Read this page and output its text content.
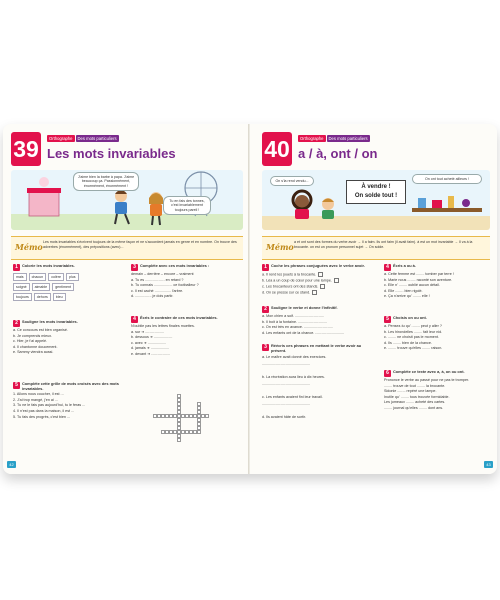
39	Orthographe Des mots particuliers
Les mots invariables
J'aime bien la barbe à papa. J'aime beaucoup ça. Passionnément, énormément, énormément !
Tu en fais des tonnes, c'est invariablement toujours pareil !
Mémo Les mots invariables s'écrivent toujours de la même façon et ne s'accordent jamais en genre et en nombre. On trouve des adverbes (énormément), des prépositions (avec)...
1	Colorie les mots invariables.
mais	chacun	colère	plus
soigné	aimable	gentiment
toujours	dehors	bleu
2	Souligne les mots invariables.
a. Ce concours est bien organisé.
b. Je comprends mieux.
c. Hier, je t'ai appelé.
d. Il chantonne doucement.
e. Sammy viendra aussi.
3	Complète avec ces mots invariables :
demain – derrière – encore – vraiment
a. Tu es ................... en retard ?
b. Tu connais .................. ce footballeur ?
c. Il est caché ................ l'arbre.
d. ................ je dois partir.
4	Écris le contraire de ces mots invariables.
N'oublie pas les lettres finales muettes.
a. sur ➜ ..................
b. dessous ➜ ..................
c. avec ➜ ..................
d. jamais ➜ ..................
e. devant ➜ ..................
5	Complète cette grille de mots croisés avec des mots invariables.
1. Allons nous coucher, il est ...
2. J'ai trop mangé, j'en ai ...
3. Tu ne le fais pas aujourd'hui, tu le feras ...
4. Il n'est pas dans la maison, il est ...
5. Tu fais des progrès, c'est bien ...
42
40	Orthographe Des mots particuliers
a / à, ont / on
On s'la rend vendu...	On ont tout acheté ailleurs !
À vendre !
On solde tout !
Mémo a et ont sont des formes du verbe avoir → Il a faim. Ils ont faim (il avait faim). à est un mot invariable → Il va à la brocante. on est un pronom personnel sujet → On solde.
1	Coche les phrases conjuguées avec le verbe avoir.
a. Il rend les jouets à la brocante.
b. Léa a un coup de cœur pour une lampe.
c. Les brocanteurs ont des stands.
d. On se presse sur ce stand.
2	Souligne le verbe et donne l'infinitif.
a. Mon chien a soif. ............................
b. Il boit à la fontaine. ............................
c. On est très en avance. ............................
d. Les enfants ont de la chance. ............................
3	Réécris ces phrases en mettant le verbe avoir au présent.
a. Le maître avait donné des exercices.
...............................................
b. La récréation aura lieu à dix heures.
...............................................
c. Les enfants avaient fini leur travail.
...............................................
d. Ils avaient hâte de sortir.
4	Écris a ou à.
a. Cette femme est ........ tomber par terre !
b. Marie nous ........ raconté son aventure.
c. Elle n' ........ oublié aucun détail.
d. Elle ........ bien rigolé.
e. Ça n'arrive qu' ........ elle !
5	Choisis on ou ont.
a. Pensez-tu qu' ........ peut y aller ?
b. Les hirondelles ........ fait leur nid.
c. ........ ne choisit pas le moment.
d. Ils ........ bien de la chance.
e. ........ trouve qu'elles ........ raison.
6	Complète ce texte avec a, à, on ou ont.
Prononce le verbe au passé pour ne pas te tromper.
........ trouve de tout ........ la brocante.
Sidonie ........ repéré une lampe.
Inutile qu' ........ tous trouvée formidable.
Les jumeaux ........ acheté des cartes.
........ journal qu'elles ........ dont ans.
43
